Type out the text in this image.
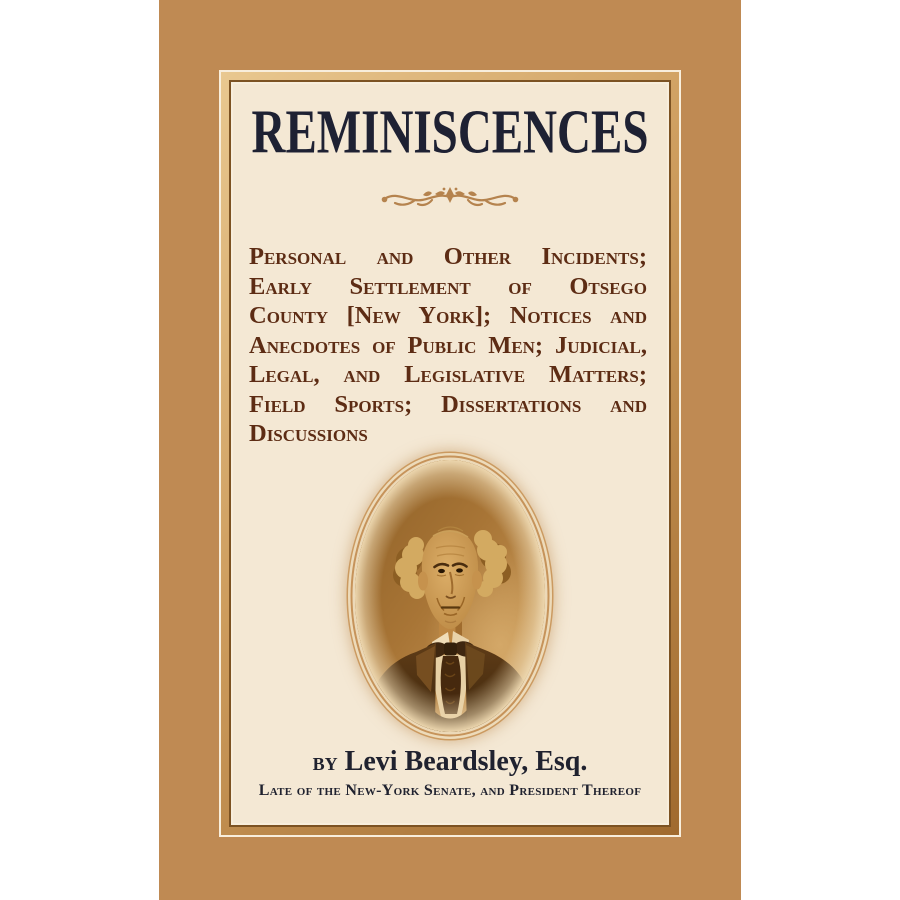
REMINISCENCES
Personal and Other Incidents;
Early Settlement of Otsego
County [New York]; Notices and
Anecdotes of Public Men; Judicial,
Legal, and Legislative Matters;
Field Sports; Dissertations and
Discussions
by Levi Beardsley, Esq.
Late of the New-York Senate, and President Thereof
